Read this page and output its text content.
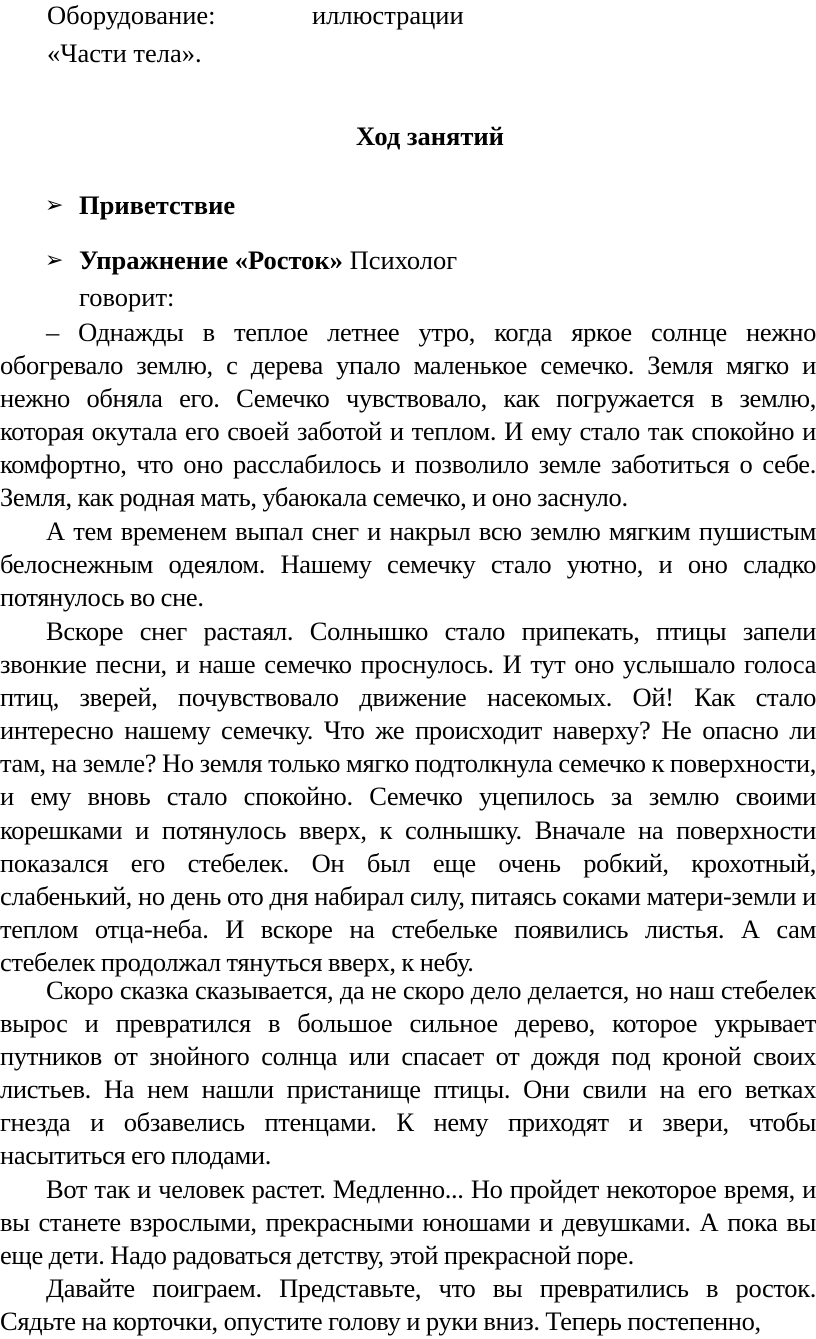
Оборудование:	иллюстрации
«Части тела».
Ход занятий
➢ Приветствие
➢ Упражнение «Росток» Психолог
говорит:

– Однажды в теплое летнее утро, когда яркое солнце нежно обогревало землю, с дерева упало маленькое семечко. Земля мягко и нежно обняла его. Семечко чувствовало, как погружается в землю, которая окутала его своей заботой и теплом. И ему стало так спокойно и комфортно, что оно расслабилось и позволило земле заботиться о себе. Земля, как родная мать, убаюкала семечко, и оно заснуло.

А тем временем выпал снег и накрыл всю землю мягким пушистым белоснежным одеялом. Нашему семечку стало уютно, и оно сладко потянулось во сне.

Вскоре снег растаял. Солнышко стало припекать, птицы запели звонкие песни, и наше семечко проснулось. И тут оно услышало голоса птиц, зверей, почувствовало движение насекомых. Ой! Как стало интересно нашему семечку. Что же происходит наверху? Не опасно ли там, на земле? Но земля только мягко подтолкнула семечко к поверхности, и ему вновь стало спокойно. Семечко уцепилось за землю своими корешками и потянулось вверх, к солнышку. Вначале на поверхности показался его стебелек. Он был еще очень робкий, крохотный, слабенький, но день ото дня набирал силу, питаясь соками матери-земли и теплом отца-неба. И вскоре на стебельке появились листья. А сам стебелек продолжал тянуться вверх, к небу.

Скоро сказка сказывается, да не скоро дело делается, но наш стебелек вырос и превратился в большое сильное дерево, которое укрывает путников от знойного солнца или спасает от дождя под кроной своих листьев. На нем нашли пристанище птицы. Они свили на его ветках гнезда и обзавелись птенцами. К нему приходят и звери, чтобы насытиться его плодами.

Вот так и человек растет. Медленно... Но пройдет некоторое время, и вы станете взрослыми, прекрасными юношами и девушками. А пока вы еще дети. Надо радоваться детству, этой прекрасной поре.

Давайте поиграем. Представьте, что вы превратились в росток. Сядьте на корточки, опустите голову и руки вниз. Теперь постепенно,
